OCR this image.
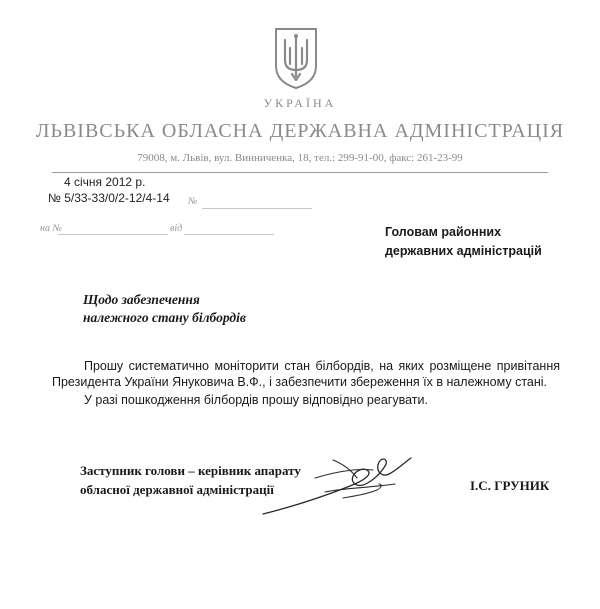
УКРАЇНА
ЛЬВІВСЬКА ОБЛАСНА ДЕРЖАВНА АДМІНІСТРАЦІЯ
79008, м. Львів, вул. Винниченка, 18, тел.: 299-91-00, факс: 261-23-99
4 січня 2012 р.
№ 5/33-33/0/2-12/4-14 №
на №	від	Головам районних
державних адміністрацій
Щодо забезпечення
належного стану білбордів

Прошу систематично моніторити стан білбордів, на яких розміщене привітання Президента України Януковича В.Ф., і забезпечити збереження їх в належному стані.

У разі пошкодження білбордів прошу відповідно реагувати.

Заступник голови – керівник апарату
обласної державної адміністрації	І.С. ГРУНИК
